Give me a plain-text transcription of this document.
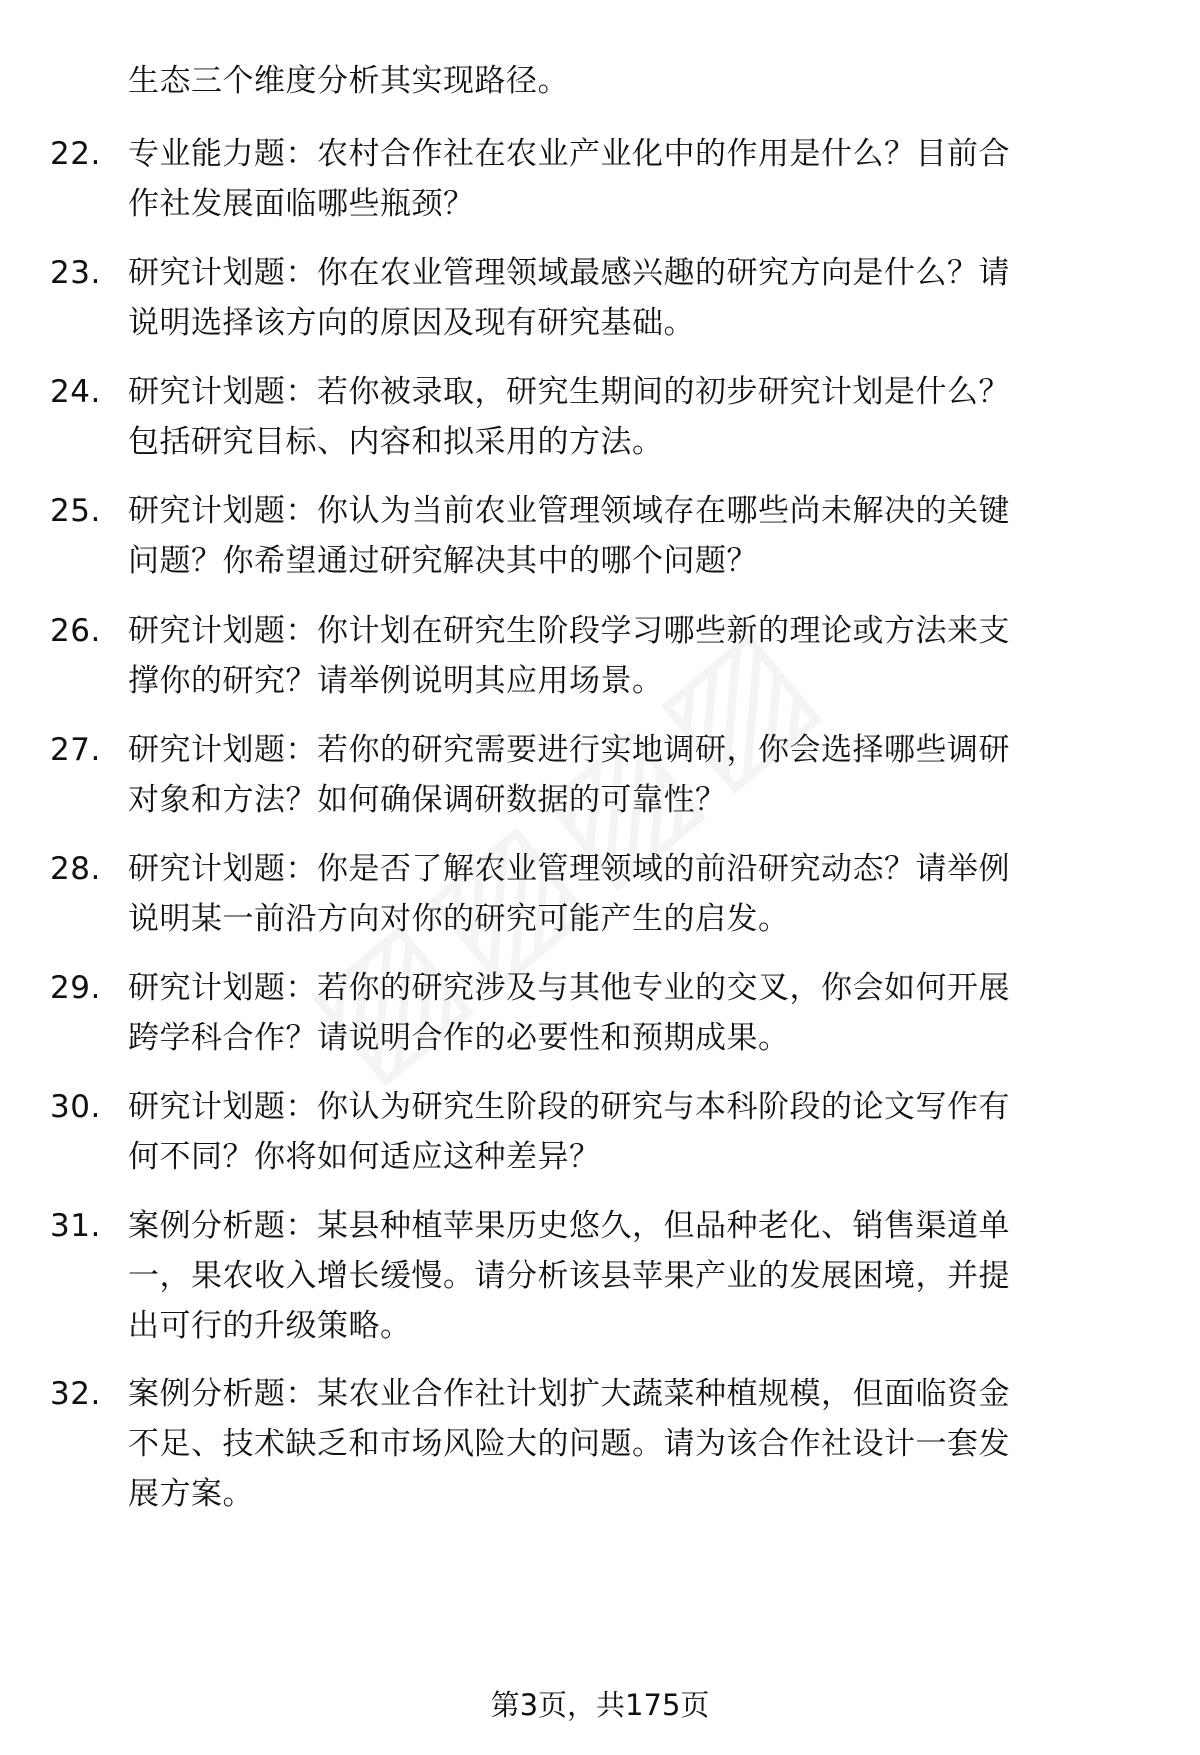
生态三个维度分析其实现路径。
22. 专业能力题：农村合作社在农业产业化中的作用是什么？目前合
作社发展面临哪些瓶颈？
23. 研究计划题：你在农业管理领域最感兴趣的研究方向是什么？请
说明选择该方向的原因及现有研究基础。
24. 研究计划题：若你被录取，研究生期间的初步研究计划是什么？
包括研究目标、内容和拟采用的方法。
25. 研究计划题：你认为当前农业管理领域存在哪些尚未解决的关键
问题？你希望通过研究解决其中的哪个问题？
26. 研究计划题：你计划在研究生阶段学习哪些新的理论或方法来支
撑你的研究？请举例说明其应用场景。
27. 研究计划题：若你的研究需要进行实地调研，你会选择哪些调研
对象和方法？如何确保调研数据的可靠性？
28. 研究计划题：你是否了解农业管理领域的前沿研究动态？请举例
说明某一前沿方向对你的研究可能产生的启发。
29. 研究计划题：若你的研究涉及与其他专业的交叉，你会如何开展
跨学科合作？请说明合作的必要性和预期成果。
30. 研究计划题：你认为研究生阶段的研究与本科阶段的论文写作有
何不同？你将如何适应这种差异？
31. 案例分析题：某县种植苹果历史悠久，但品种老化、销售渠道单
一，果农收入增长缓慢。请分析该县苹果产业的发展困境，并提
出可行的升级策略。
32. 案例分析题：某农业合作社计划扩大蔬菜种植规模，但面临资金
不足、技术缺乏和市场风险大的问题。请为该合作社设计一套发
展方案。
第3页，共175页
